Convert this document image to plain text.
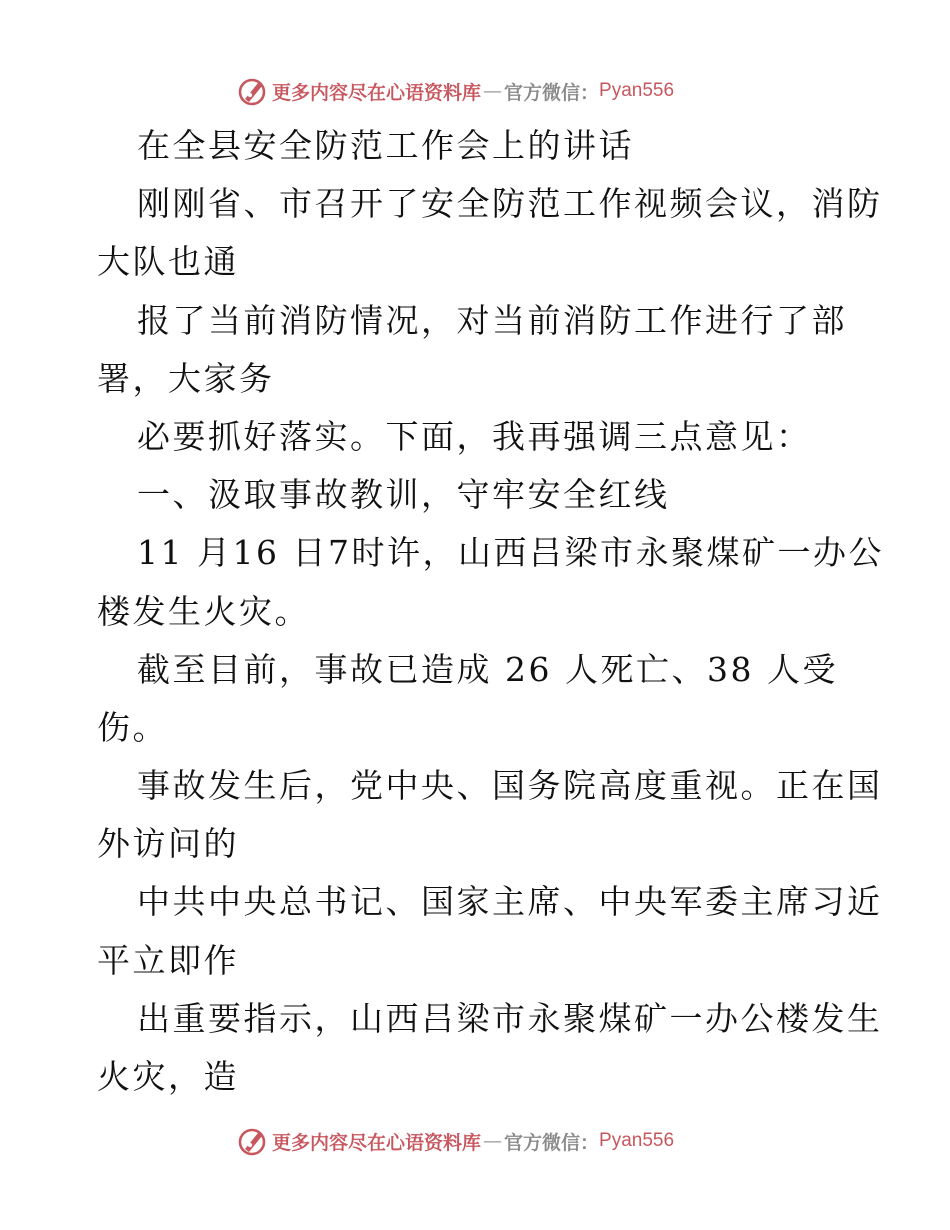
更多内容尽在心语资料库 — 官方微信： Pyan556
在全县安全防范工作会上的讲话
刚刚省、市召开了安全防范工作视频会议，消防
大队也通
报了当前消防情况，对当前消防工作进行了部
署，大家务
必要抓好落实。下面，我再强调三点意见：
一、汲取事故教训，守牢安全红线
11 月16 日7时许，山西吕梁市永聚煤矿一办公
楼发生火灾。
截至目前，事故已造成 26 人死亡、38 人受
伤。
事故发生后，党中央、国务院高度重视。正在国
外访问的
中共中央总书记、国家主席、中央军委主席习近
平立即作
出重要指示，山西吕梁市永聚煤矿一办公楼发生
火灾，造
更多内容尽在心语资料库 — 官方微信： Pyan556
